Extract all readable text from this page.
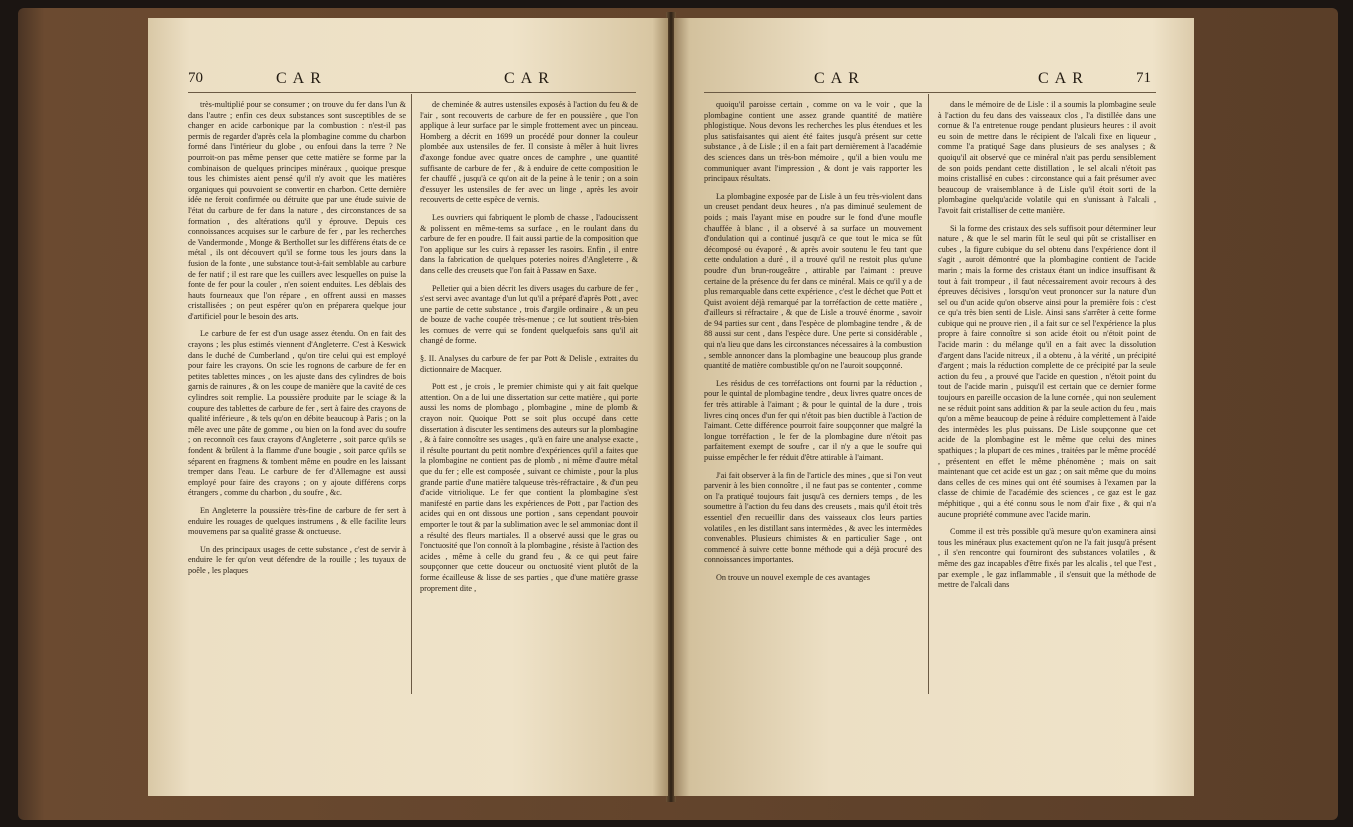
70	CAR	CAR

très-multiplié pour se consumer ; on trouve du fer dans l'un & dans l'autre ; enfin ces deux substances sont susceptibles de se changer en acide carbonique par la combustion : n'est-il pas permis de regarder d'après cela la plombagine comme du charbon formé dans l'intérieur du globe , ou enfoui dans la terre ? Ne pourroit-on pas même penser que cette matière se forme par la combinaison de quelques principes minéraux , quoique presque tous les chimistes aient pensé qu'il n'y avoit que les matières organiques qui pouvoient se convertir en charbon. Cette dernière idée ne feroit confirmée ou détruite que par une étude suivie de l'état du carbure de fer dans la nature , des circonstances de sa formation , des altérations qu'il y éprouve. Depuis ces connoissances acquises sur le carbure de fer , par les recherches de Vandermonde , Monge & Berthollet sur les différens états de ce métal , ils ont découvert qu'il se forme tous les jours dans la fusion de la fonte , une substance tout-à-fait semblable au carbure de fer natif ; il est rare que les cuillers avec lesquelles on puise la fonte de fer pour la couler , n'en soient enduites. Les déblais des hauts fourneaux que l'on répare , en offrent aussi en masses cristallisées ; on peut espérer qu'on en préparera quelque jour d'artificiel pour le besoin des arts.

Le carbure de fer est d'un usage assez étendu. On en fait des crayons ; les plus estimés viennent d'Angleterre. C'est à Keswick dans le duché de Cumberland , qu'on tire celui qui est employé pour faire les crayons. On scie les rognons de carbure de fer en petites tablettes minces , on les ajuste dans des cylindres de bois garnis de rainures , & on les coupe de manière que la cavité de ces cylindres soit remplie. La poussière produite par le sciage & la coupure des tablettes de carbure de fer , sert à faire des crayons de qualité inférieure , & tels qu'on en débite beaucoup à Paris ; on la mêle avec une pâte de gomme , ou bien on la fond avec du soufre ; on reconnoît ces faux crayons d'Angleterre , soit parce qu'ils se fondent & brûlent à la flamme d'une bougie , soit parce qu'ils se séparent en fragmens & tombent même en poudre en les laissant tremper dans l'eau. Le carbure de fer d'Allemagne est aussi employé pour faire des crayons ; on y ajoute différens corps étrangers , comme du charbon , du soufre , &c.

En Angleterre la poussière très-fine de carbure de fer sert à enduire les rouages de quelques instrumens , & elle facilite leurs mouvemens par sa qualité grasse & onctueuse.

Un des principaux usages de cette substance , c'est de servir à enduire le fer qu'on veut défendre de la rouille ; les tuyaux de poêle , les plaques

de cheminée & autres ustensiles exposés à l'action du feu & de l'air , sont recouverts de carbure de fer en poussière , que l'on applique à leur surface par le simple frottement avec un pinceau. Homberg a décrit en 1699 un procédé pour donner la couleur plombée aux ustensiles de fer. Il consiste à mêler à huit livres d'axonge fondue avec quatre onces de camphre , une quantité suffisante de carbure de fer , & à enduire de cette composition le fer chauffé , jusqu'à ce qu'on ait de la peine à le tenir ; on a soin d'essuyer les ustensiles de fer avec un linge , après les avoir recouverts de cette espèce de vernis.

Les ouvriers qui fabriquent le plomb de chasse , l'adoucissent & polissent en même-tems sa surface , en le roulant dans du carbure de fer en poudre. Il fait aussi partie de la composition que l'on applique sur les cuirs à repasser les rasoirs. Enfin , il entre dans la fabrication de quelques poteries noires d'Angleterre , & dans celle des creusets que l'on fait à Passaw en Saxe.

Pelletier qui a bien décrit les divers usages du carbure de fer , s'est servi avec avantage d'un lut qu'il a préparé d'après Pott , avec une partie de cette substance , trois d'argile ordinaire , & un peu de bouze de vache coupée très-menue ; ce lut soutient très-bien les cornues de verre qui se fondent quelquefois sans qu'il ait changé de forme.

§. II. Analyses du carbure de fer par Pott & Delisle , extraites du dictionnaire de Macquer.

Pott est , je crois , le premier chimiste qui y ait fait quelque attention. On a de lui une dissertation sur cette matière , qui porte aussi les noms de plombago , plombagine , mine de plomb & crayon noir. Quoique Pott se soit plus occupé dans cette dissertation à discuter les sentimens des auteurs sur la plombagine , & à faire connoître ses usages , qu'à en faire une analyse exacte , il résulte pourtant du petit nombre d'expériences qu'il a faites que la plombagine ne contient pas de plomb , ni même d'autre métal que du fer ; elle est composée , suivant ce chimiste , pour la plus grande partie d'une matière talqueuse très-réfractaire , & d'un peu d'acide vitriolique. Le fer que contient la plombagine s'est manifesté en partie dans les expériences de Pott , par l'action des acides qui en ont dissous une portion , sans cependant pouvoir emporter le tout & par la sublimation avec le sel ammoniac dont il a résulté des fleurs martiales. Il a observé aussi que le gras ou l'onctuosité que l'on connoît à la plombagine , résiste à l'action des acides , même à celle du grand feu , & ce qui peut faire soupçonner que cette douceur ou onctuosité vient plutôt de la forme écailleuse & lisse de ses parties , que d'une matière grasse proprement dite ,

CAR	CAR	71

quoiqu'il paroisse certain , comme on va le voir , que la plombagine contient une assez grande quantité de matière phlogistique. Nous devons les recherches les plus étendues et les plus satisfaisantes qui aient été faites jusqu'à présent sur cette substance , à de Lisle ; il en a fait part dernièrement à l'académie des sciences dans un très-bon mémoire , qu'il a bien voulu me communiquer avant l'impression , & dont je vais rapporter les principaux résultats.

La plombagine exposée par de Lisle à un feu très-violent dans un creuset pendant deux heures , n'a pas diminué seulement de poids ; mais l'ayant mise en poudre sur le fond d'une moufle chauffée à blanc , il a observé à sa surface un mouvement d'ondulation qui a continué jusqu'à ce que tout le mica se fût décomposé ou évaporé , & après avoir soutenu le feu tant que cette ondulation a duré , il a trouvé qu'il ne restoit plus qu'une poudre d'un brun-rougeâtre , attirable par l'aimant : preuve certaine de la présence du fer dans ce minéral. Mais ce qu'il y a de plus remarquable dans cette expérience , c'est le déchet que Pott et Quist avoient déjà remarqué par la torréfaction de cette matière , d'ailleurs si réfractaire , & que de Lisle a trouvé énorme , savoir de 94 parties sur cent , dans l'espèce de plombagine tendre , & de 88 aussi sur cent , dans l'espèce dure. Une perte si considérable , qui n'a lieu que dans les circonstances nécessaires à la combustion , semble annoncer dans la plombagine une beaucoup plus grande quantité de matière combustible qu'on ne l'auroit soupçonné.

Les résidus de ces torréfactions ont fourni par la réduction , pour le quintal de plombagine tendre , deux livres quatre onces de fer très attirable à l'aimant ; & pour le quintal de la dure , trois livres cinq onces d'un fer qui n'étoit pas bien ductible à l'action de l'aimant. Cette différence pourroit faire soupçonner que malgré la longue torréfaction , le fer de la plombagine dure n'étoit pas parfaitement exempt de soufre , car il n'y a que le soufre qui puisse empêcher le fer réduit d'être attirable à l'aimant.

J'ai fait observer à la fin de l'article des mines , que si l'on veut parvenir à les bien connoître , il ne faut pas se contenter , comme on l'a pratiqué toujours fait jusqu'à ces derniers temps , de les soumettre à l'action du feu dans des creusets , mais qu'il étoit très essentiel d'en recueillir dans des vaisseaux clos leurs parties volatiles , en les distillant sans intermèdes , & avec les intermèdes convenables. Plusieurs chimistes & en particulier Sage , ont commencé à suivre cette bonne méthode qui a déjà procuré des connoissances importantes.

On trouve un nouvel exemple de ces avantages

dans le mémoire de de Lisle : il a soumis la plombagine seule à l'action du feu dans des vaisseaux clos , l'a distillée dans une cornue & l'a entretenue rouge pendant plusieurs heures : il avoit eu soin de mettre dans le récipient de l'alcali fixe en liqueur , comme l'a pratiqué Sage dans plusieurs de ses analyses ; & quoiqu'il ait observé que ce minéral n'ait pas perdu sensiblement de son poids pendant cette distillation , le sel alcali n'étoit pas moins cristallisé en cubes : circonstance qui a fait présumer avec beaucoup de vraisemblance à de Lisle qu'il étoit sorti de la plombagine quelqu'acide volatile qui en s'unissant à l'alcali , l'avoit fait cristalliser de cette manière.

Si la forme des cristaux des sels suffisoit pour déterminer leur nature , & que le sel marin fût le seul qui pût se cristalliser en cubes , la figure cubique du sel obtenu dans l'expérience dont il s'agit , auroit démontré que la plombagine contient de l'acide marin ; mais la forme des cristaux étant un indice insuffisant & tout à fait trompeur , il faut nécessairement avoir recours à des épreuves décisives , lorsqu'on veut prononcer sur la nature d'un sel ou d'un acide qu'on observe ainsi pour la première fois : c'est ce qu'a très bien senti de Lisle. Ainsi sans s'arrêter à cette forme cubique qui ne prouve rien , il a fait sur ce sel l'expérience la plus propre à faire connoître si son acide étoit ou n'étoit point de l'acide marin : du mélange qu'il en a fait avec la dissolution d'argent dans l'acide nitreux , il a obtenu , à la vérité , un précipité d'argent ; mais la réduction complette de ce précipité par la seule action du feu , a prouvé que l'acide en question , n'étoit point du tout de l'acide marin , puisqu'il est certain que ce dernier forme toujours en pareille occasion de la lune cornée , qui non seulement ne se réduit point sans addition & par la seule action du feu , mais qu'on a même beaucoup de peine à réduire complettement à l'aide des intermèdes les plus puissans. De Lisle soupçonne que cet acide de la plombagine est le même que celui des mines spathiques ; la plupart de ces mines , traitées par le même procédé , présentent en effet le même phénomène ; mais on sait maintenant que cet acide est un gaz ; on sait même que du moins dans celles de ces mines qui ont été soumises à l'examen par la classe de chimie de l'académie des sciences , ce gaz est le gaz méphitique , qui a été connu sous le nom d'air fixe , & qui n'a aucune propriété commune avec l'acide marin.

Comme il est très possible qu'à mesure qu'on examinera ainsi tous les minéraux plus exactement qu'on ne l'a fait jusqu'à présent , il s'en rencontre qui fourniront des substances volatiles , & même des gaz incapables d'être fixés par les alcalis , tel que l'est , par exemple , le gaz inflammable , il s'ensuit que la méthode de mettre de l'alcali dans
